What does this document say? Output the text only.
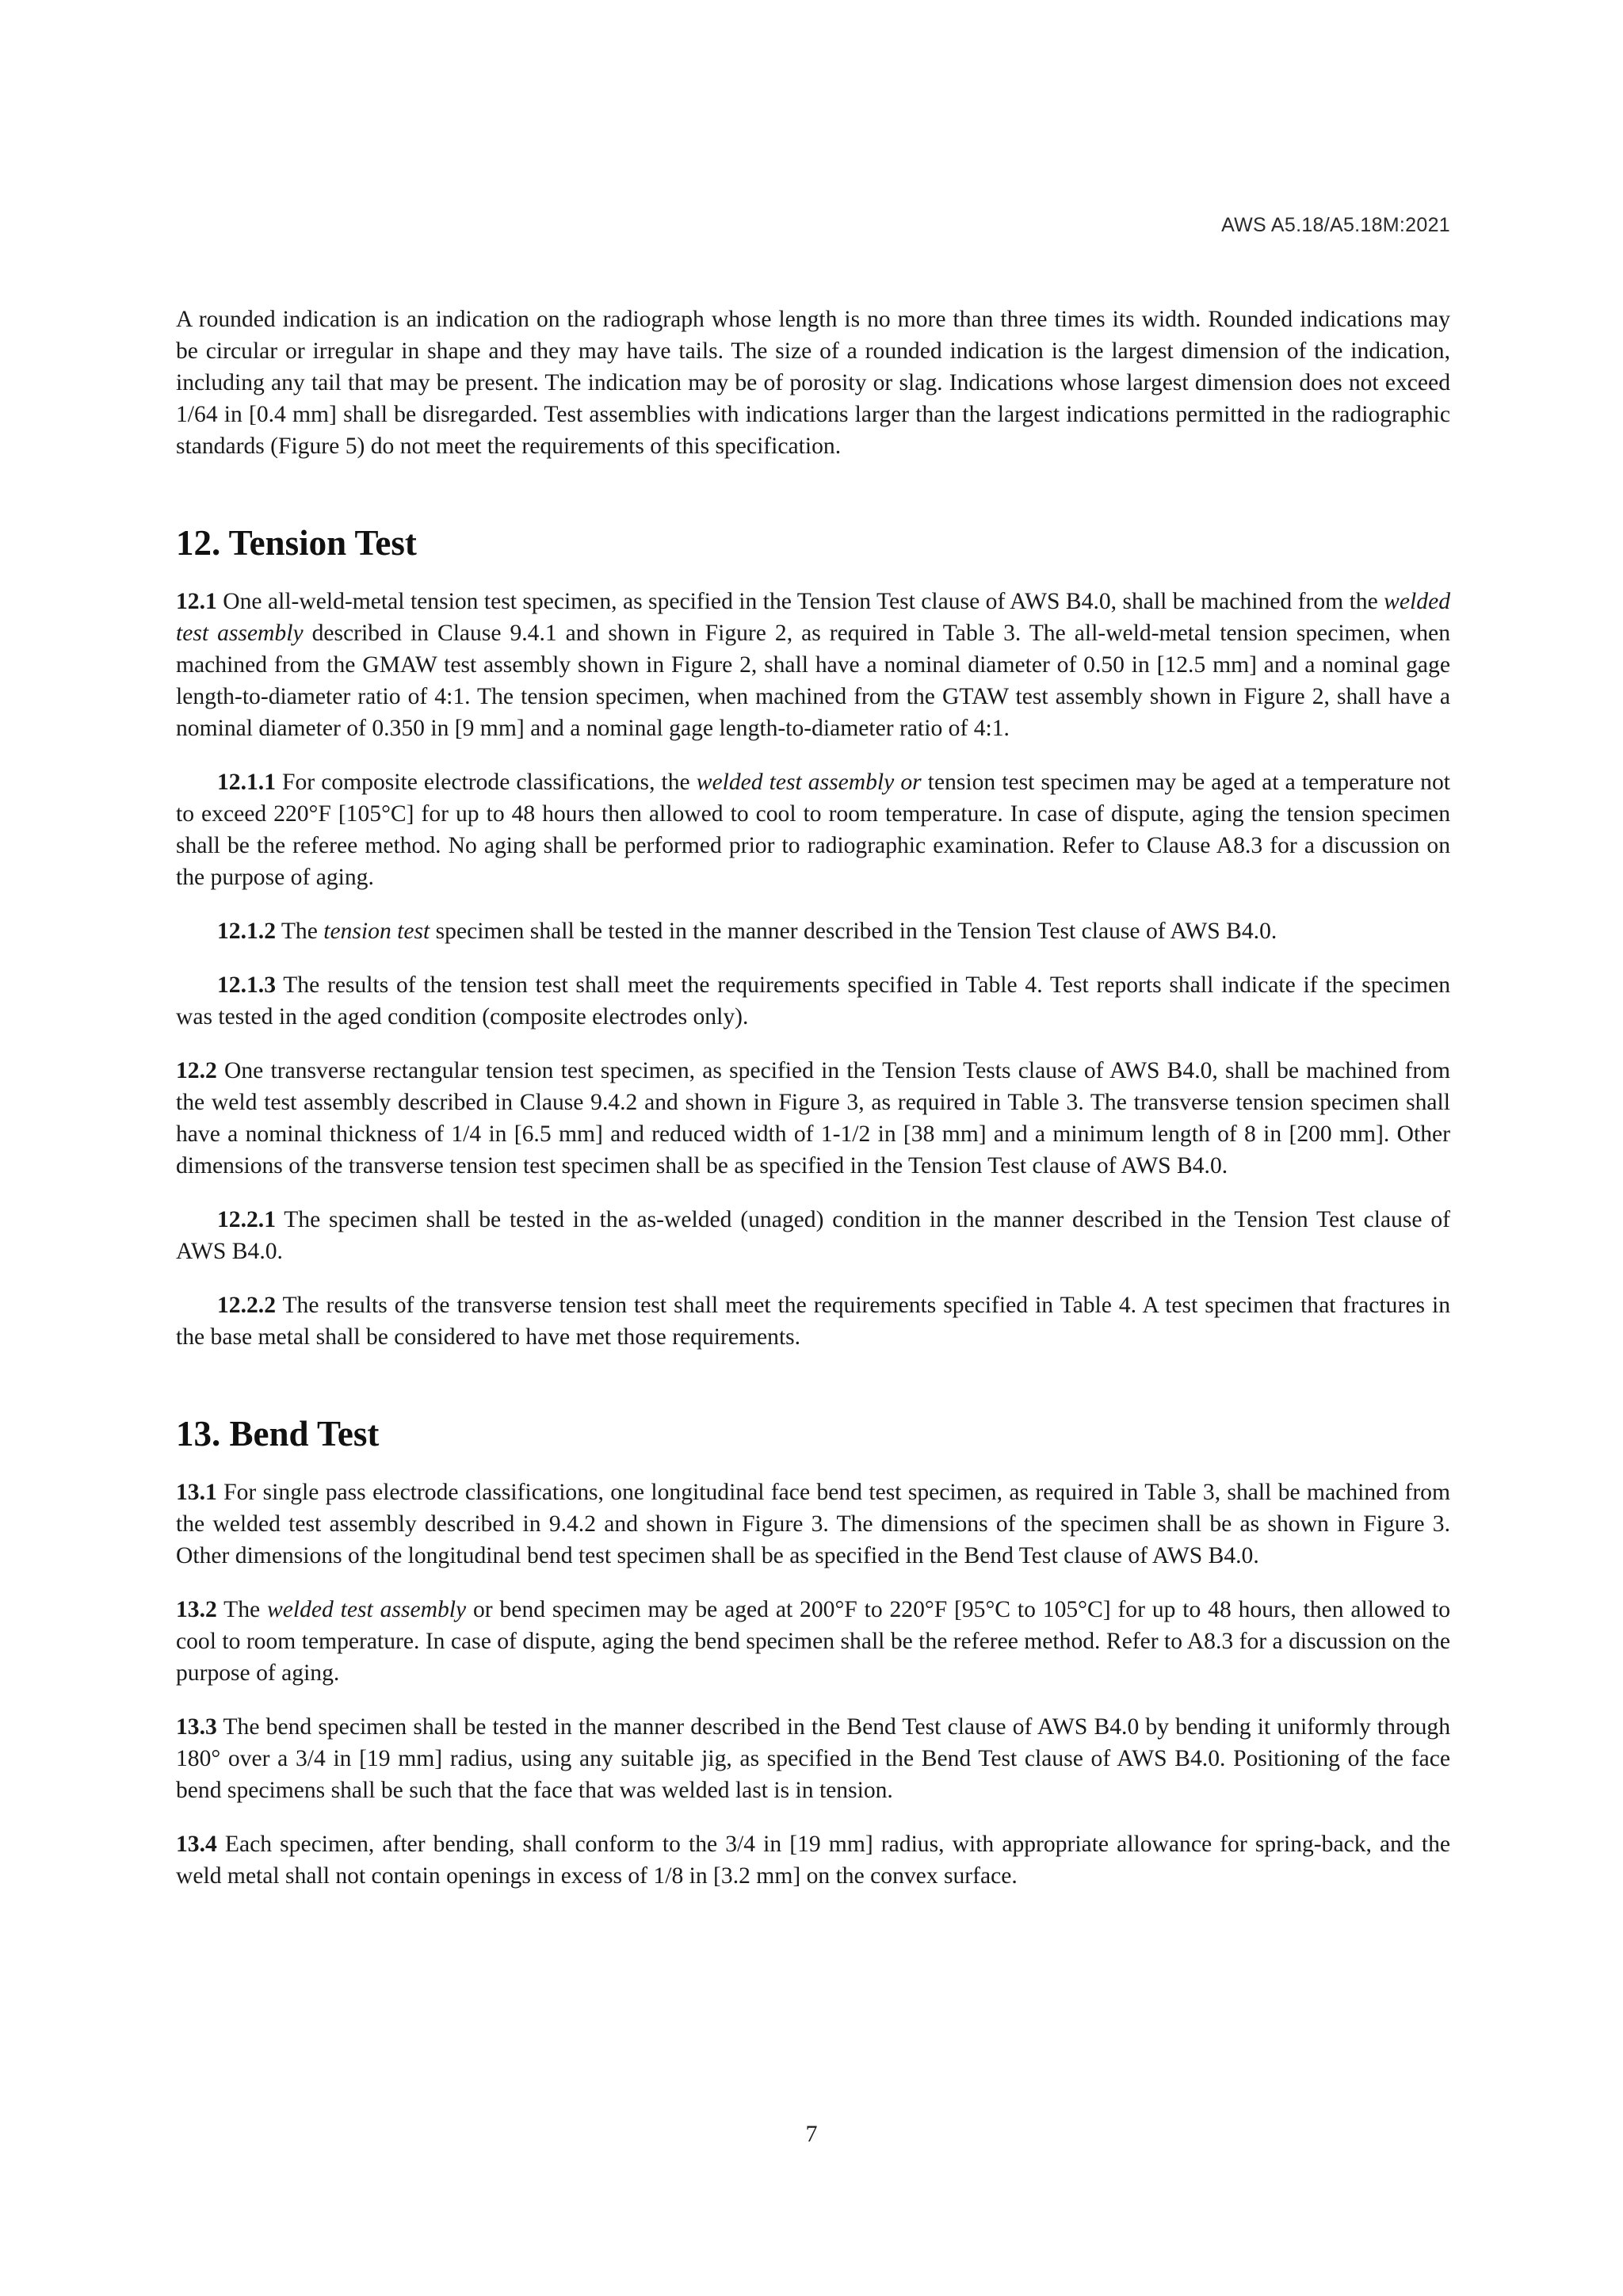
AWS A5.18/A5.18M:2021

A rounded indication is an indication on the radiograph whose length is no more than three times its width. Rounded indications may be circular or irregular in shape and they may have tails. The size of a rounded indication is the largest dimension of the indication, including any tail that may be present. The indication may be of porosity or slag. Indications whose largest dimension does not exceed 1/64 in [0.4 mm] shall be disregarded. Test assemblies with indications larger than the largest indications permitted in the radiographic standards (Figure 5) do not meet the requirements of this specification.

12. Tension Test

12.1 One all-weld-metal tension test specimen, as specified in the Tension Test clause of AWS B4.0, shall be machined from the welded test assembly described in Clause 9.4.1 and shown in Figure 2, as required in Table 3. The all-weld-metal tension specimen, when machined from the GMAW test assembly shown in Figure 2, shall have a nominal diameter of 0.50 in [12.5 mm] and a nominal gage length-to-diameter ratio of 4:1. The tension specimen, when machined from the GTAW test assembly shown in Figure 2, shall have a nominal diameter of 0.350 in [9 mm] and a nominal gage length-to-diameter ratio of 4:1.

12.1.1 For composite electrode classifications, the welded test assembly or tension test specimen may be aged at a temperature not to exceed 220°F [105°C] for up to 48 hours then allowed to cool to room temperature. In case of dispute, aging the tension specimen shall be the referee method. No aging shall be performed prior to radiographic examination. Refer to Clause A8.3 for a discussion on the purpose of aging.

12.1.2 The tension test specimen shall be tested in the manner described in the Tension Test clause of AWS B4.0.

12.1.3 The results of the tension test shall meet the requirements specified in Table 4. Test reports shall indicate if the specimen was tested in the aged condition (composite electrodes only).

12.2 One transverse rectangular tension test specimen, as specified in the Tension Tests clause of AWS B4.0, shall be machined from the weld test assembly described in Clause 9.4.2 and shown in Figure 3, as required in Table 3. The transverse tension specimen shall have a nominal thickness of 1/4 in [6.5 mm] and reduced width of 1-1/2 in [38 mm] and a minimum length of 8 in [200 mm]. Other dimensions of the transverse tension test specimen shall be as specified in the Tension Test clause of AWS B4.0.

12.2.1 The specimen shall be tested in the as-welded (unaged) condition in the manner described in the Tension Test clause of AWS B4.0.

12.2.2 The results of the transverse tension test shall meet the requirements specified in Table 4. A test specimen that fractures in the base metal shall be considered to have met those requirements.

13. Bend Test

13.1 For single pass electrode classifications, one longitudinal face bend test specimen, as required in Table 3, shall be machined from the welded test assembly described in 9.4.2 and shown in Figure 3. The dimensions of the specimen shall be as shown in Figure 3. Other dimensions of the longitudinal bend test specimen shall be as specified in the Bend Test clause of AWS B4.0.

13.2 The welded test assembly or bend specimen may be aged at 200°F to 220°F [95°C to 105°C] for up to 48 hours, then allowed to cool to room temperature. In case of dispute, aging the bend specimen shall be the referee method. Refer to A8.3 for a discussion on the purpose of aging.

13.3 The bend specimen shall be tested in the manner described in the Bend Test clause of AWS B4.0 by bending it uniformly through 180° over a 3/4 in [19 mm] radius, using any suitable jig, as specified in the Bend Test clause of AWS B4.0. Positioning of the face bend specimens shall be such that the face that was welded last is in tension.

13.4 Each specimen, after bending, shall conform to the 3/4 in [19 mm] radius, with appropriate allowance for spring-back, and the weld metal shall not contain openings in excess of 1/8 in [3.2 mm] on the convex surface.

7
